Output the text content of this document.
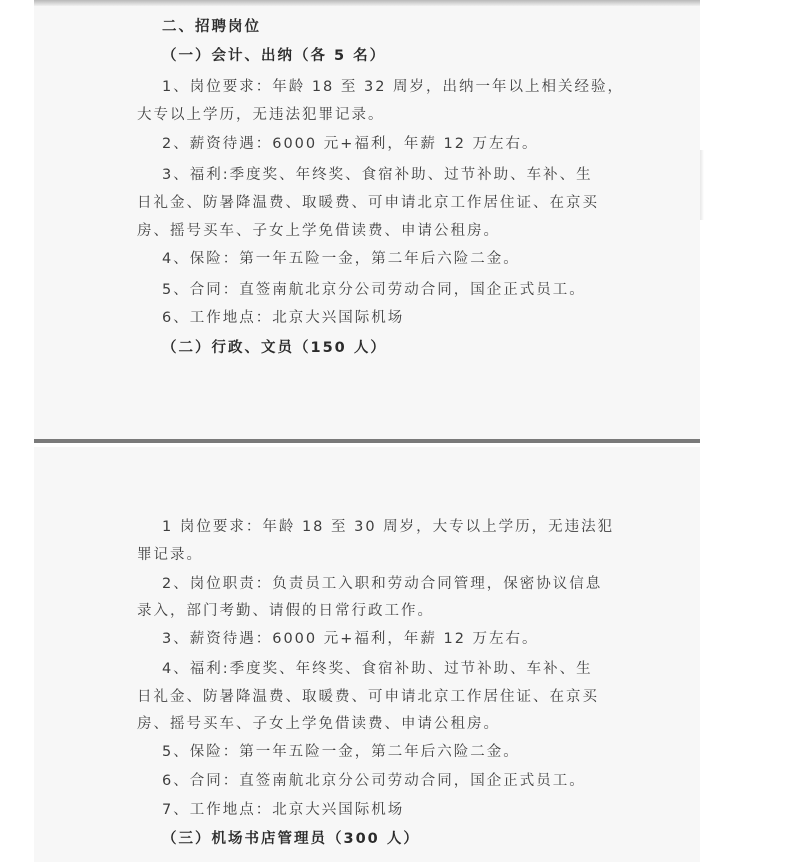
二、招聘岗位
（一）会计、出纳（各 5 名）
1、岗位要求：年龄 18 至 32 周岁，出纳一年以上相关经验，
大专以上学历，无违法犯罪记录。
2、薪资待遇：6000 元+福利，年薪 12 万左右。
3、福利:季度奖、年终奖、食宿补助、过节补助、车补、生
日礼金、防暑降温费、取暖费、可申请北京工作居住证、在京买
房、摇号买车、子女上学免借读费、申请公租房。
4、保险：第一年五险一金，第二年后六险二金。
5、合同：直签南航北京分公司劳动合同，国企正式员工。
6、工作地点：北京大兴国际机场
（二）行政、文员（150 人）
1 岗位要求：年龄 18 至 30 周岁，大专以上学历，无违法犯
罪记录。
2、岗位职责：负责员工入职和劳动合同管理，保密协议信息
录入，部门考勤、请假的日常行政工作。
3、薪资待遇：6000 元+福利，年薪 12 万左右。
4、福利:季度奖、年终奖、食宿补助、过节补助、车补、生
日礼金、防暑降温费、取暖费、可申请北京工作居住证、在京买
房、摇号买车、子女上学免借读费、申请公租房。
5、保险：第一年五险一金，第二年后六险二金。
6、合同：直签南航北京分公司劳动合同，国企正式员工。
7、工作地点：北京大兴国际机场
（三）机场书店管理员（300 人）
